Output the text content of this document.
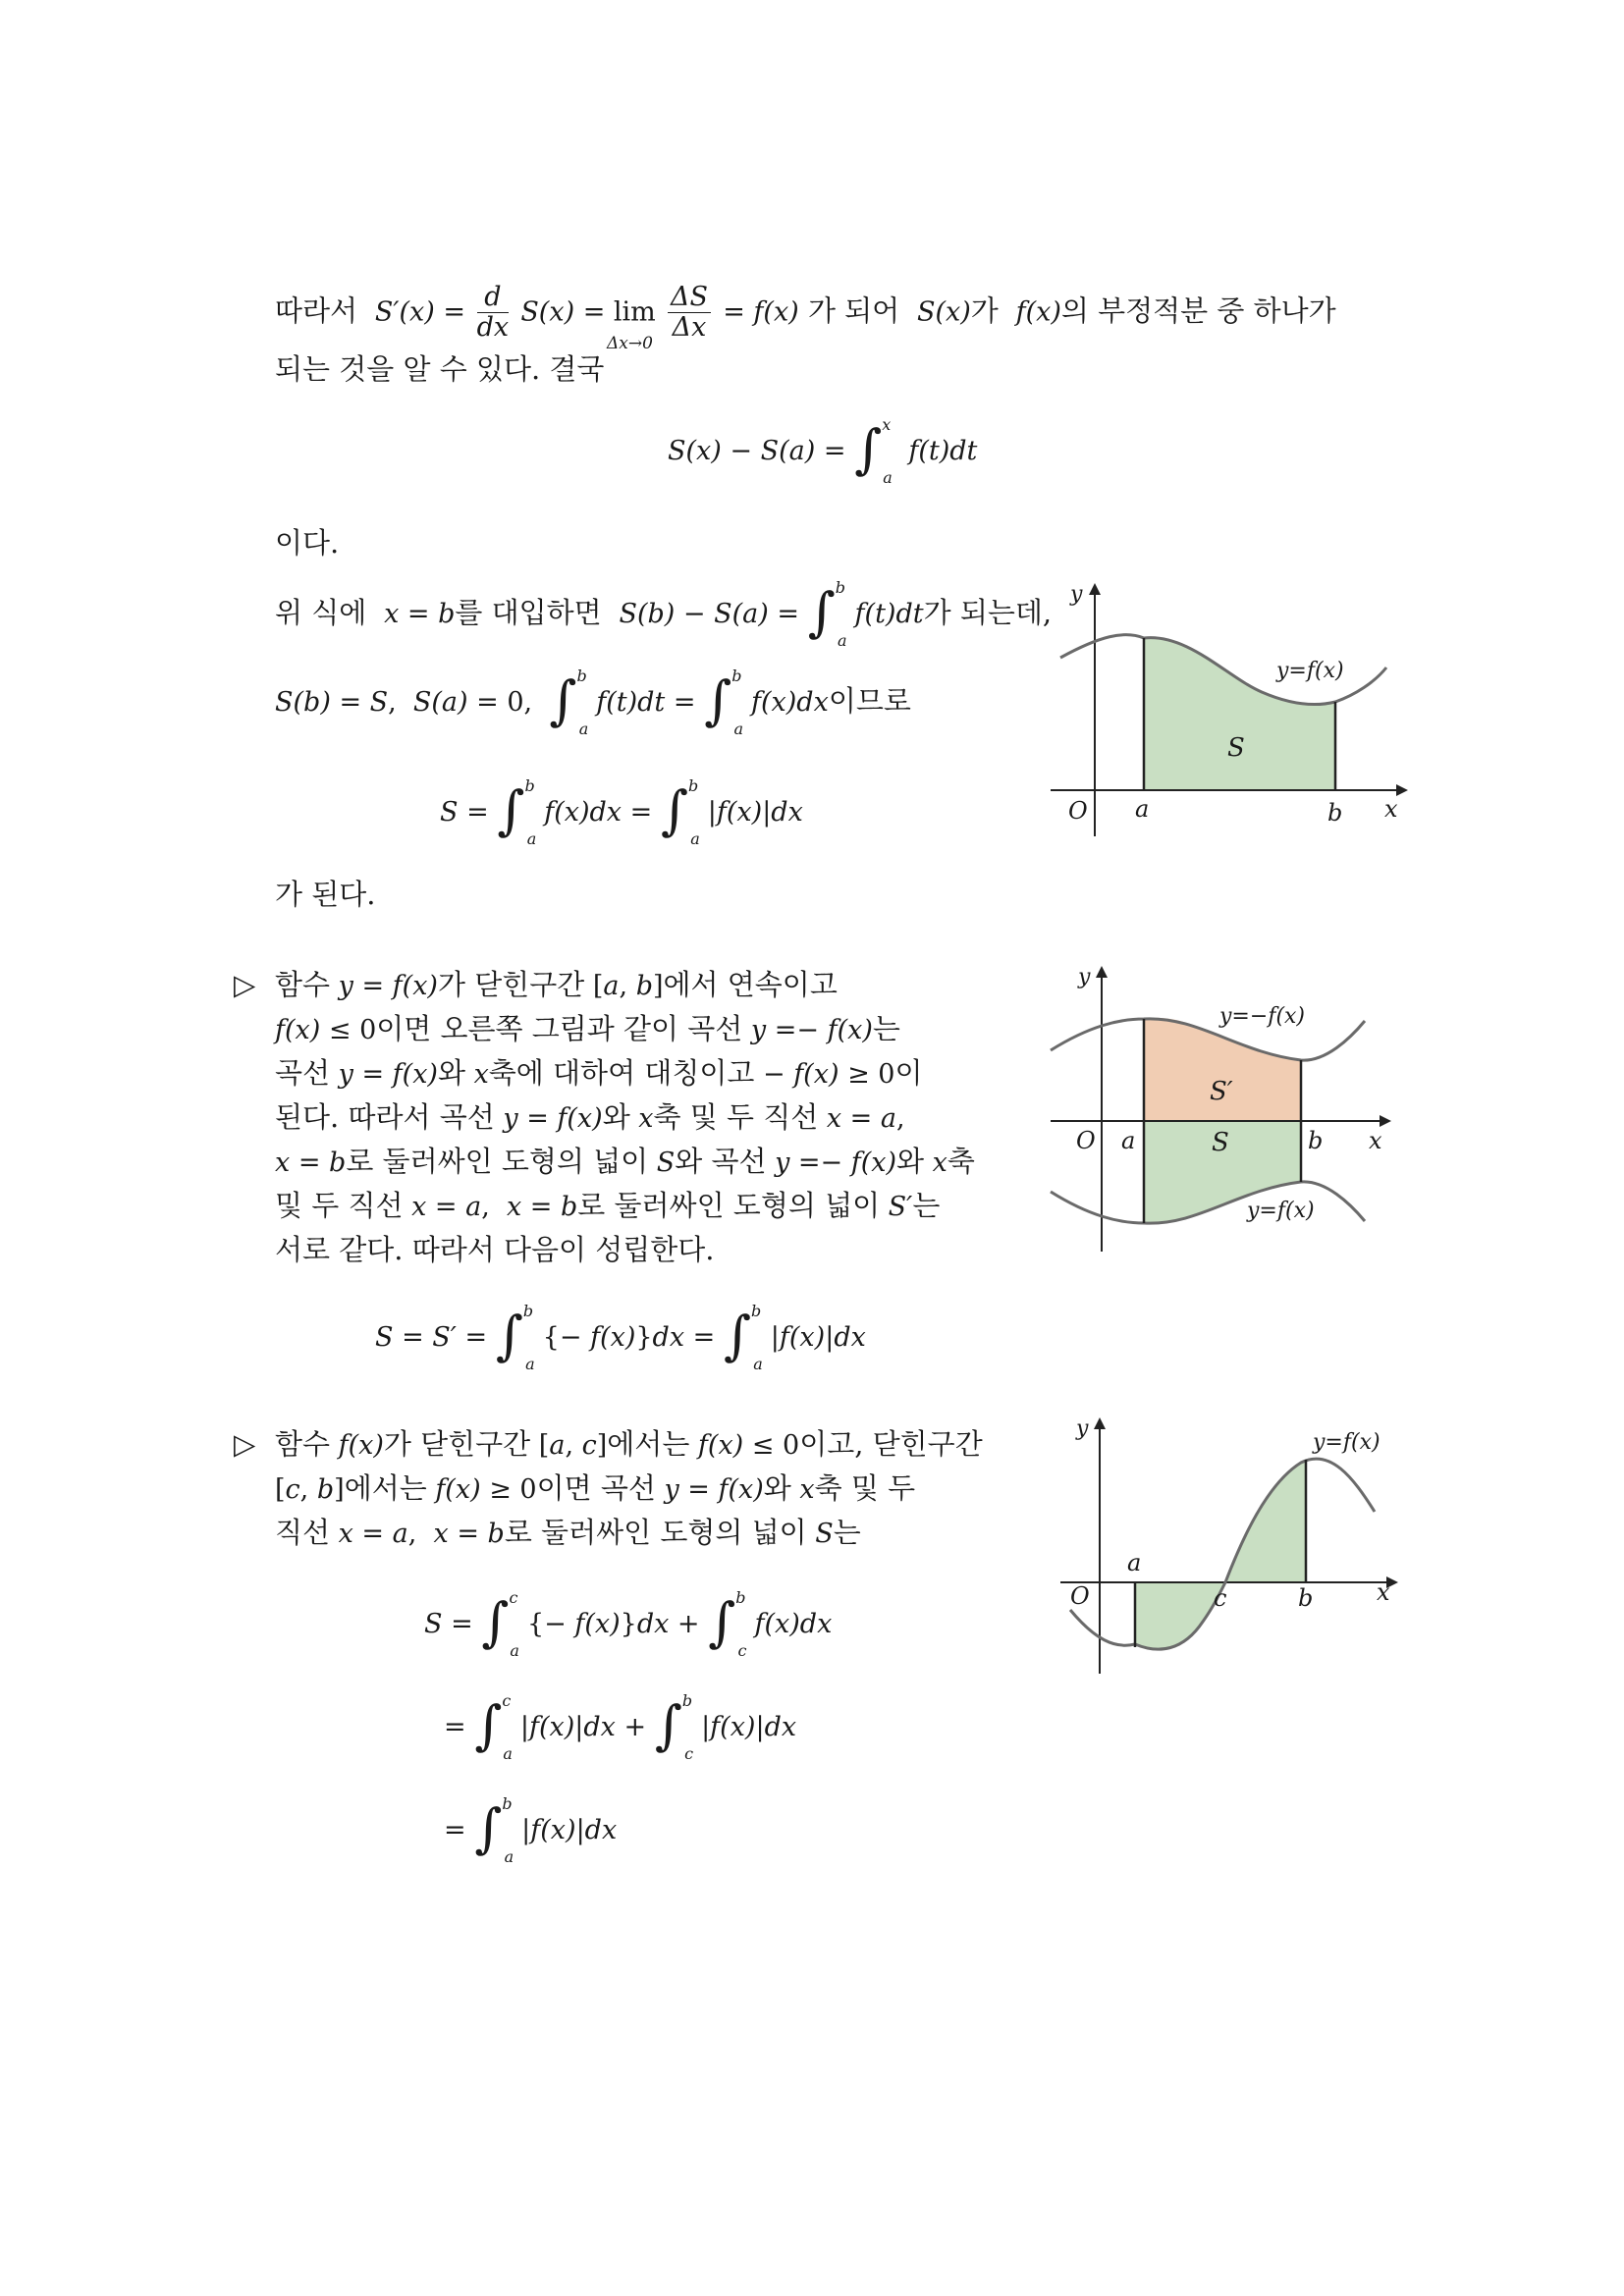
따라서  $S'(x) = \frac{d}{dx} S(x) = \lim \frac{\Delta S}{\Delta x} = f(x)$ 가 되어  S(x)가  f(x)의 부정적분 중 하나가
Δx→0
되는 것을 알 수 있다. 결국
S(x) − S(a) = ∫$^x_a$ f(t)dt
이다.
위 식에  x = b를 대입하면  S(b) − S(a) = ∫$^b_a$f(t)dt가 되는데,
S(b) = S,  S(a) = 0,  ∫$^b_a$f(t)dt = ∫$^b_a$f(x)dx이므로
S = ∫$^b_a$f(x)dx = ∫$^b_a$|f(x)|dx
가 된다.
y
x
O a	b
y=f(x)
S
▷ 함수 y = f(x)가 닫힌구간 [a, b]에서 연속이고
f(x) ≤ 0이면 오른쪽 그림과 같이 곡선 y =− f(x)는
곡선 y = f(x)와 x축에 대하여 대칭이고 − f(x) ≥ 0이
된다. 따라서 곡선 y = f(x)와 x축 및 두 직선 x = a,
x = b로 둘러싸인 도형의 넓이 S와 곡선 y =− f(x)와 x축
및 두 직선 x = a,  x = b로 둘러싸인 도형의 넓이 S′는
서로 같다. 따라서 다음이 성립한다.
S = S′ = ∫$^b_a${− f(x)}dx = ∫$^b_a$|f(x)|dx
y
x
O a	b
y=−f(x)
y=f(x)
S′
S
▷ 함수 f(x)가 닫힌구간 [a, c]에서는 f(x) ≤ 0이고, 닫힌구간
[c, b]에서는 f(x) ≥ 0이면 곡선 y = f(x)와 x축 및 두
직선 x = a,  x = b로 둘러싸인 도형의 넓이 S는
S = ∫$^c_a${− f(x)}dx + ∫$^b_c$f(x)dx
= ∫$^c_a$|f(x)|dx + ∫$^b_c$|f(x)|dx
= ∫$^b_a$|f(x)|dx
y
x
O
a
c	b
y=f(x)
